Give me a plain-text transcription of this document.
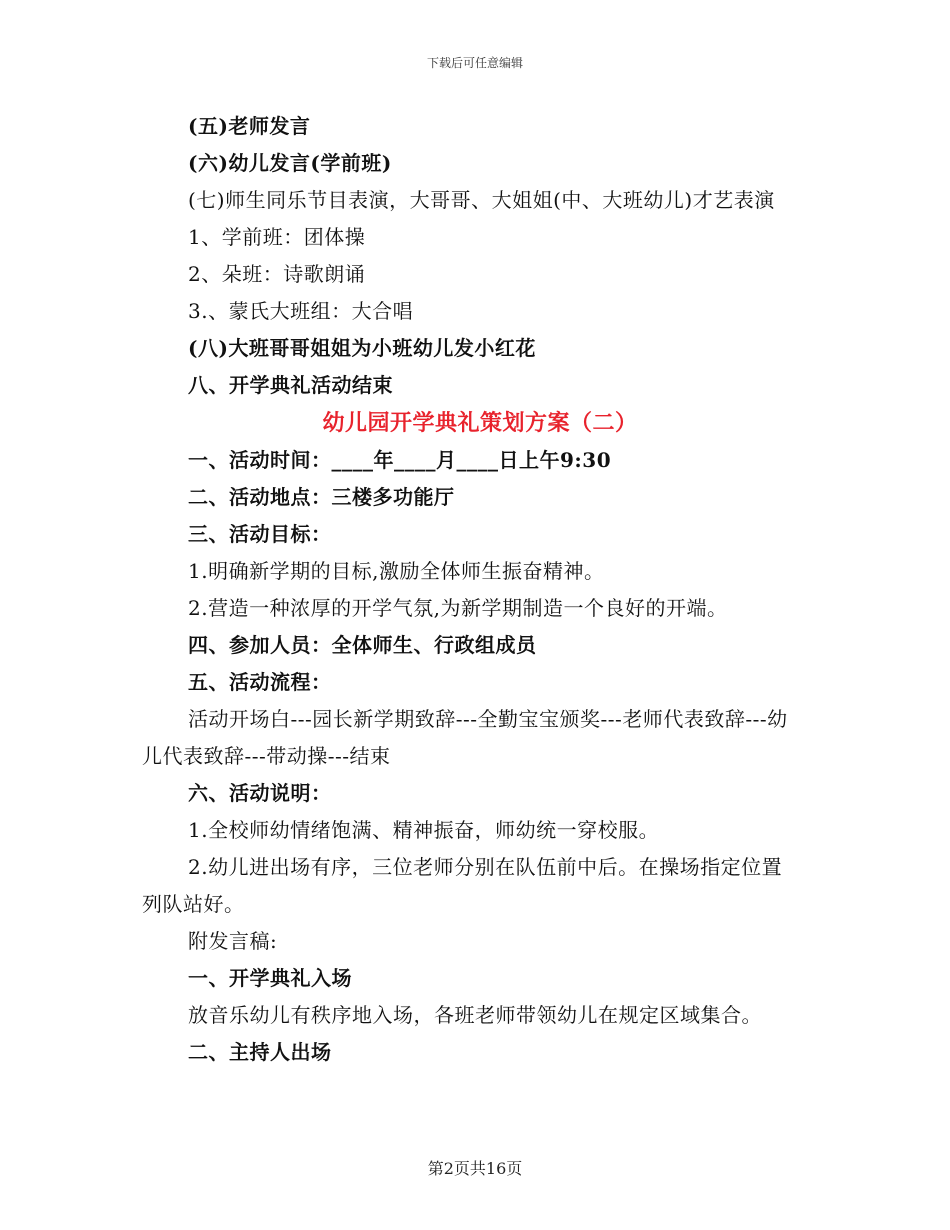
下载后可任意编辑

(五)老师发言

(六)幼儿发言(学前班)

(七)师生同乐节目表演，大哥哥、大姐姐(中、大班幼儿)才艺表演

1、学前班：团体操

2、朵班：诗歌朗诵

3.、蒙氏大班组：大合唱

(八)大班哥哥姐姐为小班幼儿发小红花

八、开学典礼活动结束

幼儿园开学典礼策划方案（二）

一、活动时间：____年____月____日上午9:30

二、活动地点：三楼多功能厅

三、活动目标：

1.明确新学期的目标,激励全体师生振奋精神。

2.营造一种浓厚的开学气氛,为新学期制造一个良好的开端。

四、参加人员：全体师生、行政组成员

五、活动流程：

活动开场白---园长新学期致辞---全勤宝宝颁奖---老师代表致辞---幼儿代表致辞---带动操---结束

六、活动说明：

1.全校师幼情绪饱满、精神振奋，师幼统一穿校服。

2.幼儿进出场有序，三位老师分别在队伍前中后。在操场指定位置列队站好。

附发言稿:

一、开学典礼入场

放音乐幼儿有秩序地入场，各班老师带领幼儿在规定区域集合。

二、主持人出场

第2页共16页
